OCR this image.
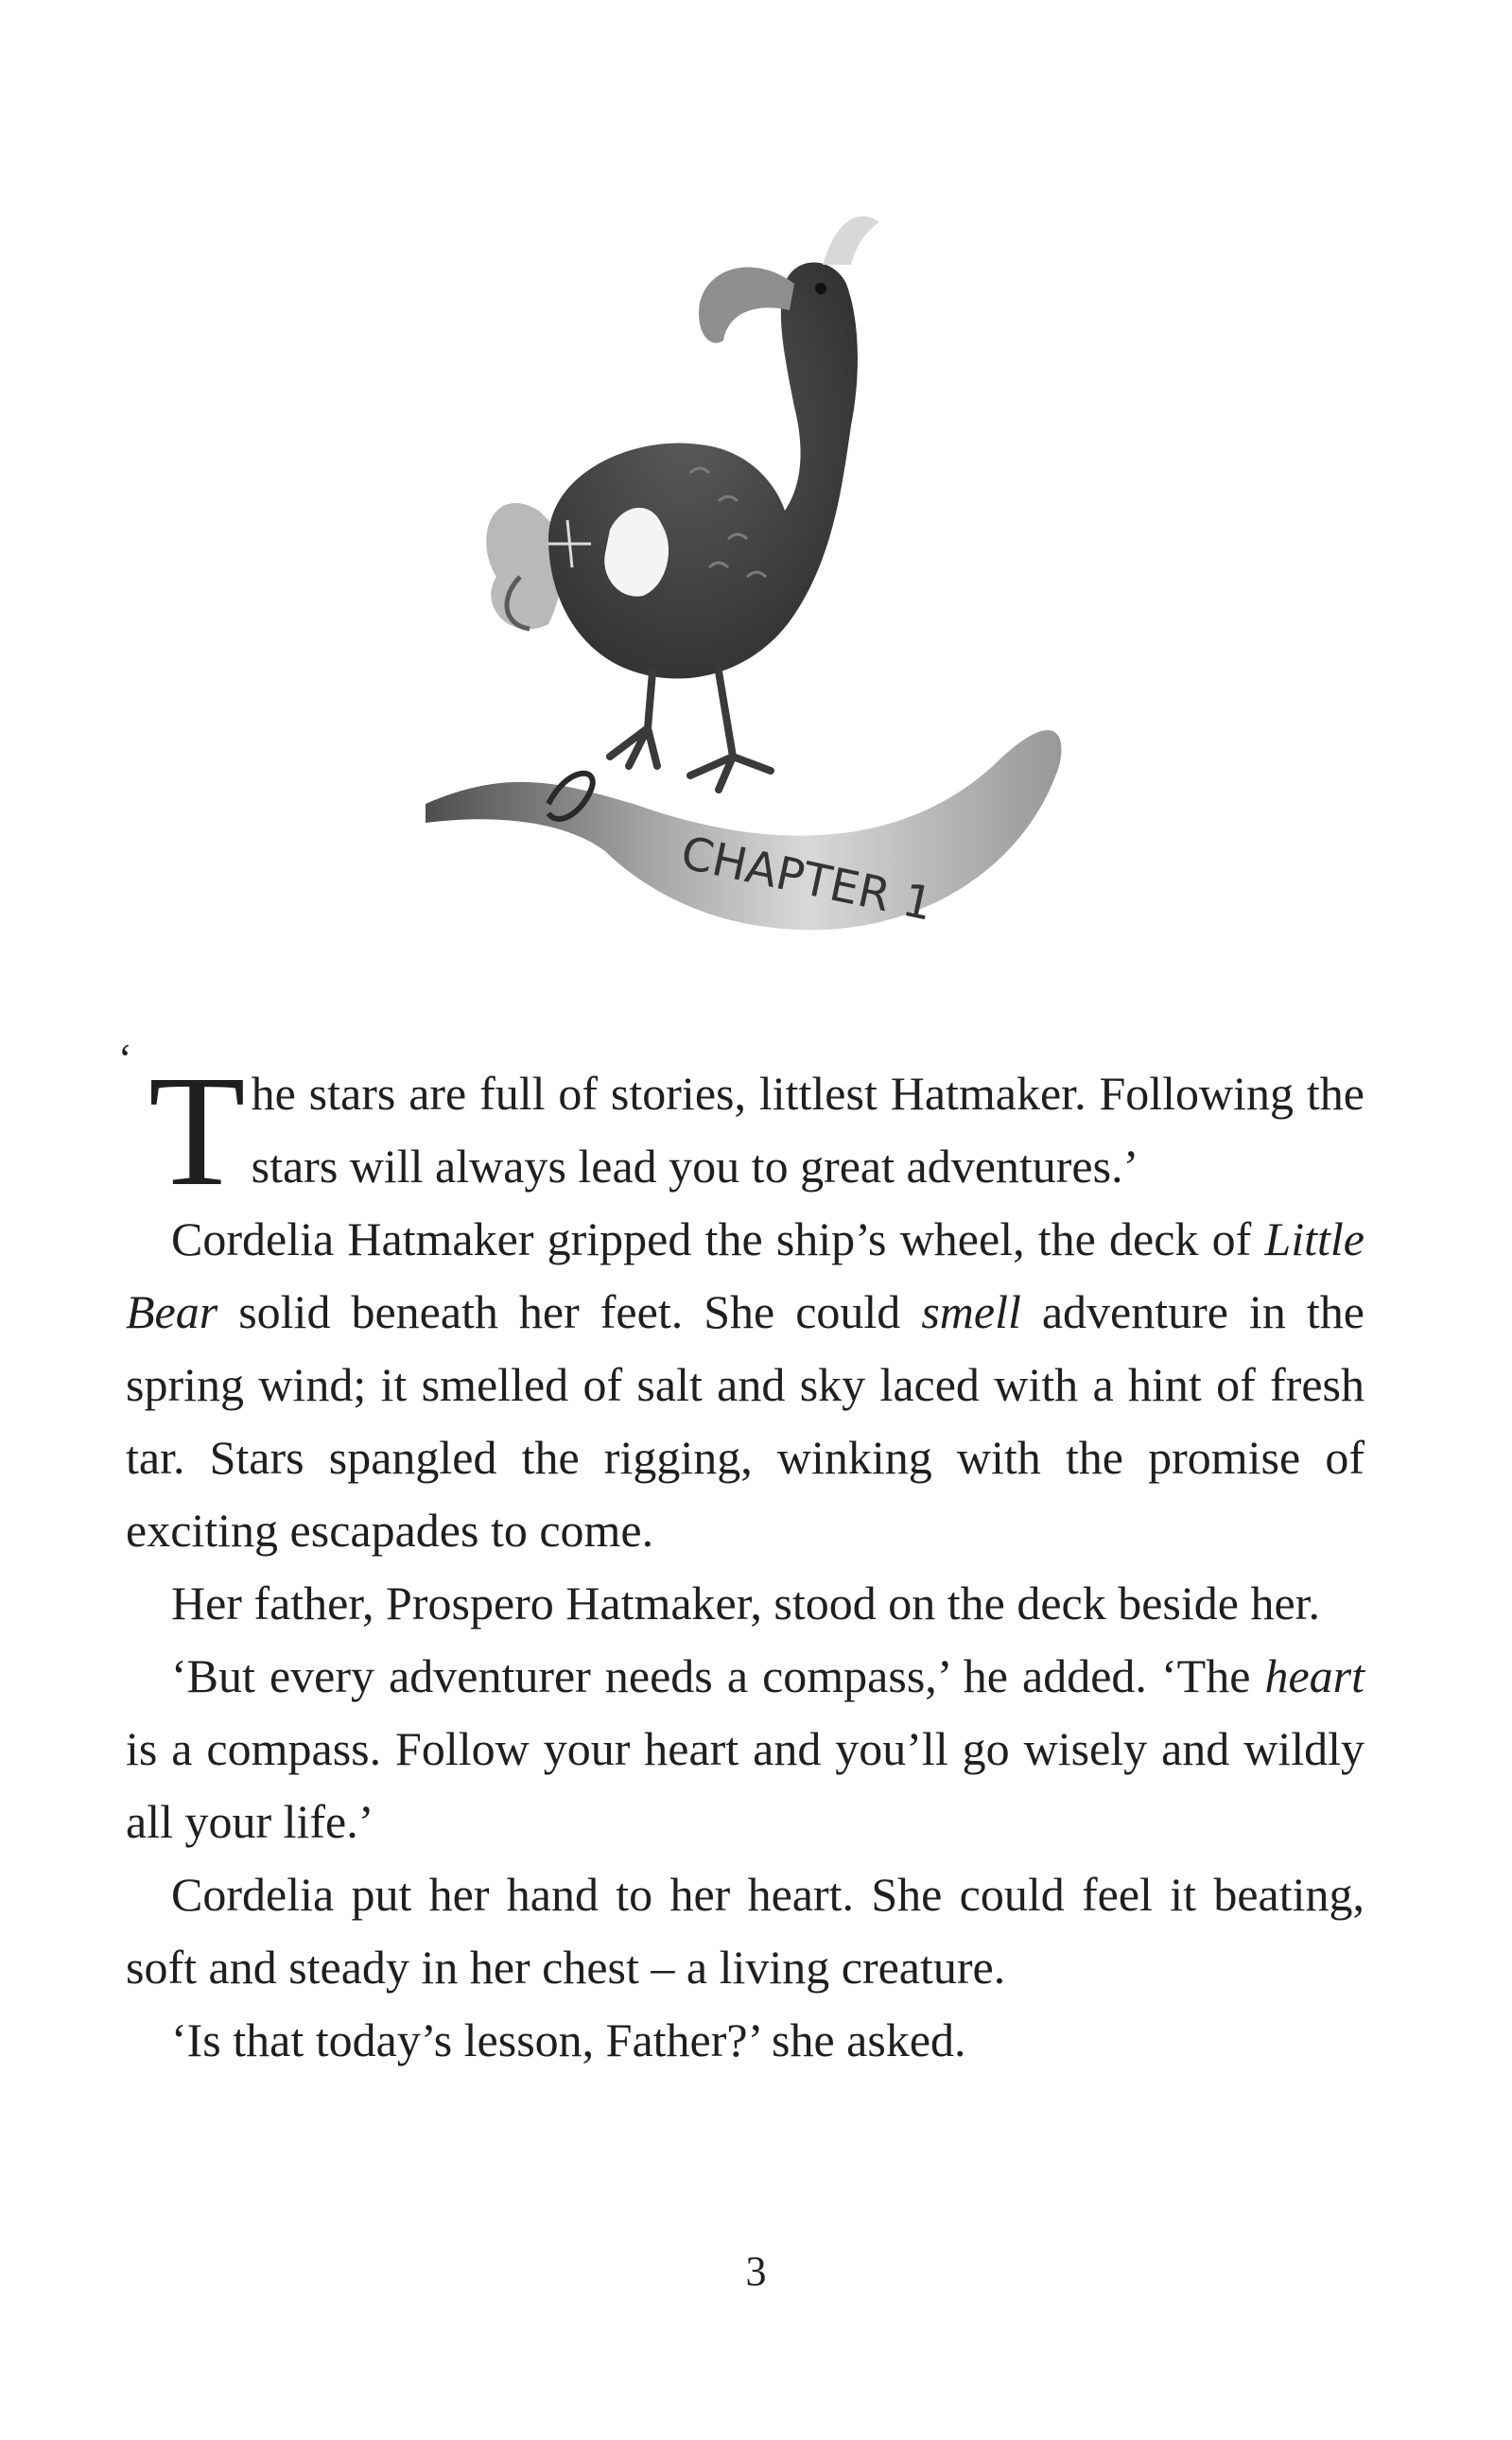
CHAPTER 1

‘ T he stars are full of stories, littlest Hatmaker. Following the stars will always lead you to great adventures.’

Cordelia Hatmaker gripped the ship’s wheel, the deck of Little Bear solid beneath her feet. She could smell adventure in the spring wind; it smelled of salt and sky laced with a hint of fresh tar. Stars spangled the rigging, winking with the promise of exciting escapades to come.

Her father, Prospero Hatmaker, stood on the deck beside her.

‘But every adventurer needs a compass,’ he added. ‘The heart is a compass. Follow your heart and you’ll go wisely and wildly all your life.’

Cordelia put her hand to her heart. She could feel it beating, soft and steady in her chest – a living creature.

‘Is that today’s lesson, Father?’ she asked.

3
